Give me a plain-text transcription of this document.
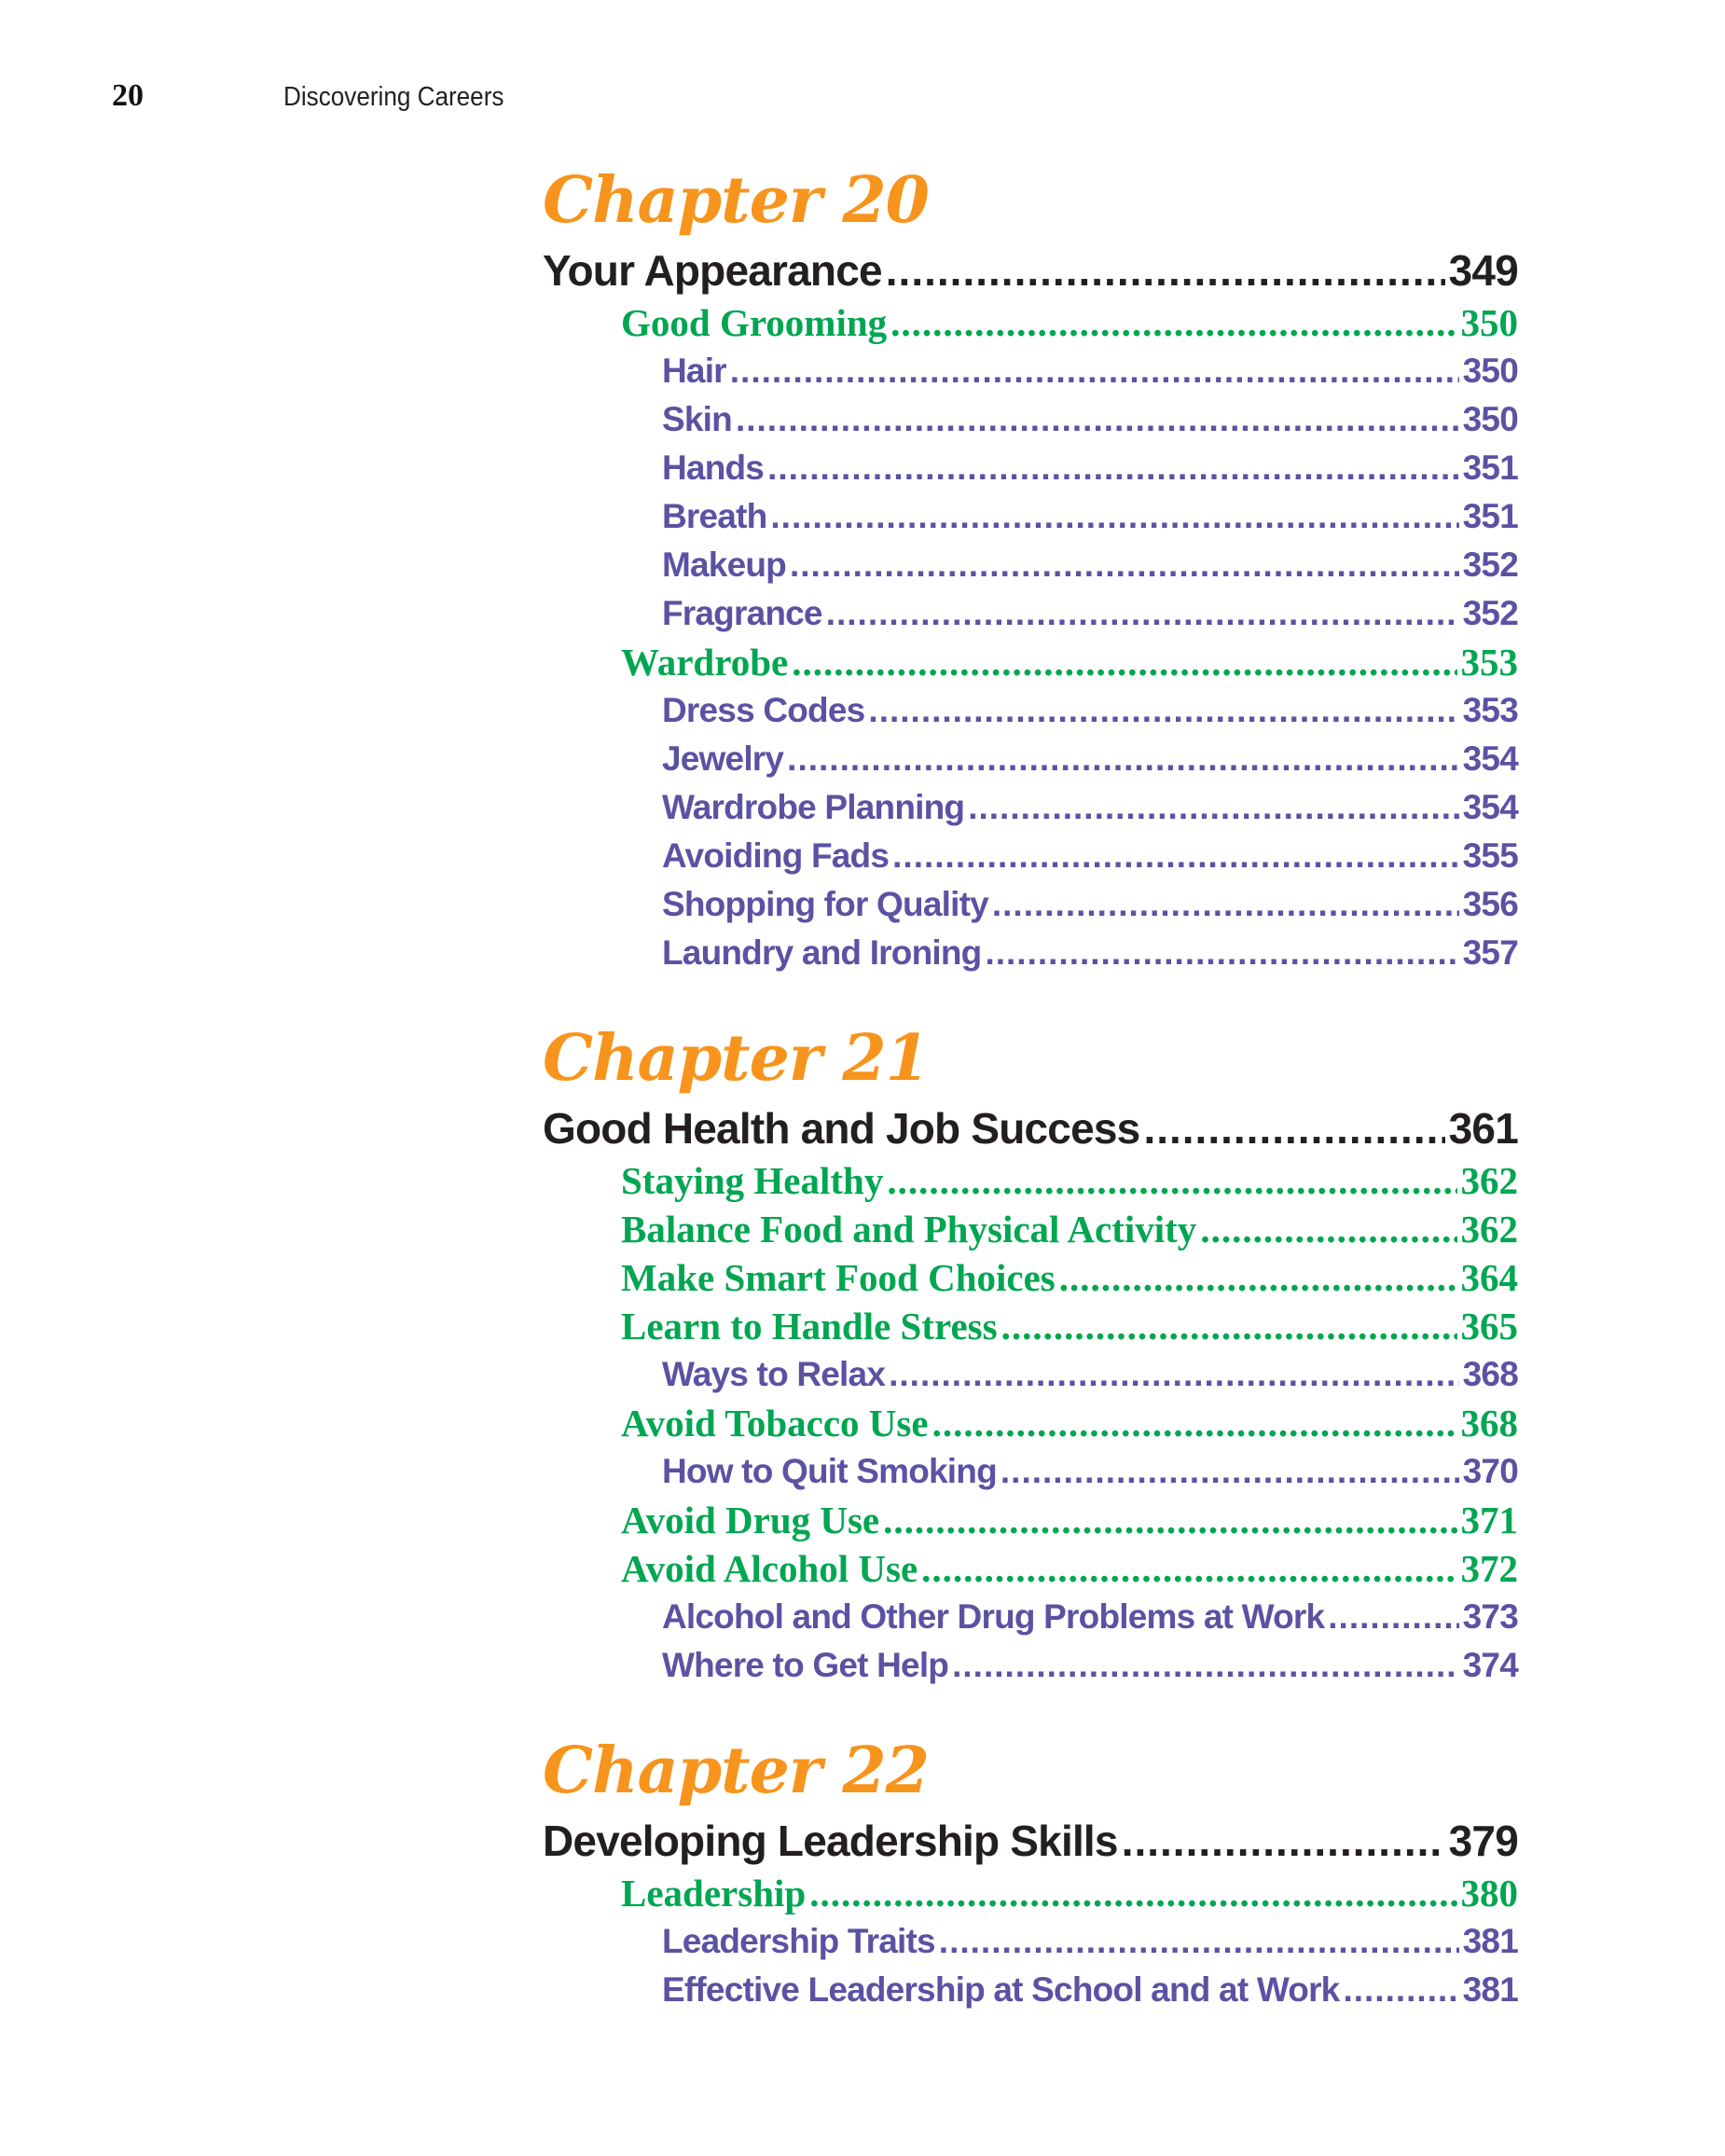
20	Discovering Careers
Chapter 20
Your Appearance .....	349
Good Grooming .....	350
Hair .....	350
Skin .....	350
Hands .....	351
Breath .....	351
Makeup .....	352
Fragrance .....	352
Wardrobe .....	353
Dress Codes .....	353
Jewelry .....	354
Wardrobe Planning .....	354
Avoiding Fads .....	355
Shopping for Quality .....	356
Laundry and Ironing .....	357
Chapter 21
Good Health and Job Success .....	361
Staying Healthy .....	362
Balance Food and Physical Activity .....	362
Make Smart Food Choices .....	364
Learn to Handle Stress .....	365
Ways to Relax .....	368
Avoid Tobacco Use .....	368
How to Quit Smoking .....	370
Avoid Drug Use .....	371
Avoid Alcohol Use .....	372
Alcohol and Other Drug Problems at Work .....	373
Where to Get Help .....	374
Chapter 22
Developing Leadership Skills .....	379
Leadership .....	380
Leadership Traits .....	381
Effective Leadership at School and at Work .....	381
